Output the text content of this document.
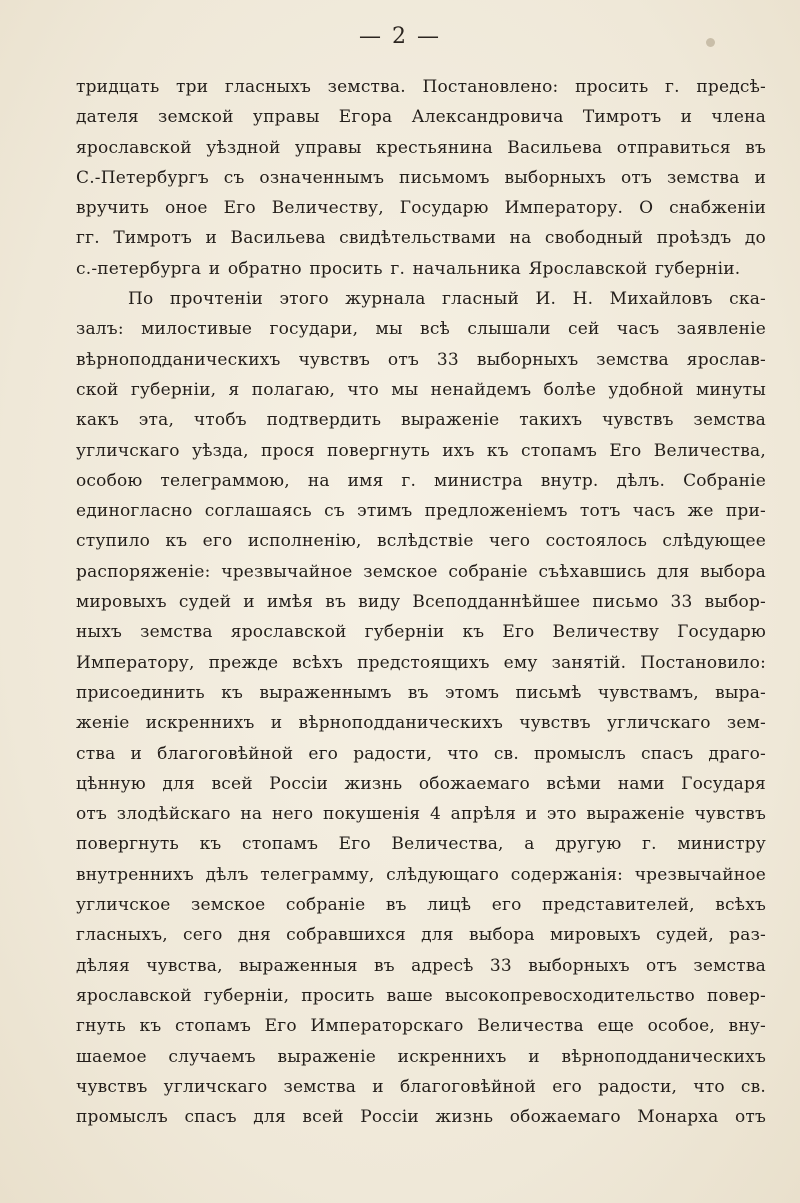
— 2 —
тридцать три гласныхъ земства. Постановлено: просить г. предсѣ-
дателя земской управы Егора Александровича Тимротъ и члена
ярославской уѣздной управы крестьянина Васильева отправиться въ
С.-Петербургъ съ означеннымъ письмомъ выборныхъ отъ земства и
вручить оное Его Величеству, Государю Императору. О снабженіи
гг. Тимротъ и Васильева свидѣтельствами на свободный проѣздъ до
с.-петербурга и обратно просить г. начальника Ярославской губерніи.
По прочтеніи этого журнала гласный И. Н. Михайловъ ска-
залъ: милостивые государи, мы всѣ слышали сей часъ заявленіе
вѣрноподданическихъ чувствъ отъ 33 выборныхъ земства ярослав-
ской губерніи, я полагаю, что мы ненайдемъ болѣе удобной минуты
какъ эта, чтобъ подтвердить выраженіе такихъ чувствъ земства
угличскаго уѣзда, прося повергнуть ихъ къ стопамъ Его Величества,
особою телеграммою, на имя г. министра внутр. дѣлъ. Собраніе
единогласно соглашаясь съ этимъ предложеніемъ тотъ часъ же при-
ступило къ его исполненію, вслѣдствіе чего состоялось слѣдующее
распоряженіе: чрезвычайное земское собраніе съѣхавшись для выбора
мировыхъ судей и имѣя въ виду Всеподданнѣйшее письмо 33 выбор-
ныхъ земства ярославской губерніи къ Его Величеству Государю
Императору, прежде всѣхъ предстоящихъ ему занятій. Постановило:
присоединить къ выраженнымъ въ этомъ письмѣ чувствамъ, выра-
женіе искреннихъ и вѣрноподданическихъ чувствъ угличскаго зем-
ства и благоговѣйной его радости, что св. промыслъ спасъ драго-
цѣнную для всей Россіи жизнь обожаемаго всѣми нами Государя
отъ злодѣйскаго на него покушенія 4 апрѣля и это выраженіе чувствъ
повергнуть къ стопамъ Его Величества, а другую г. министру
внутреннихъ дѣлъ телеграмму, слѣдующаго содержанія: чрезвычайное
угличское земское собраніе въ лицѣ его представителей, всѣхъ
гласныхъ, сего дня собравшихся для выбора мировыхъ судей, раз-
дѣляя чувства, выраженныя въ адресѣ 33 выборныхъ отъ земства
ярославской губерніи, просить ваше высокопревосходительство повер-
гнуть къ стопамъ Его Императорскаго Величества еще особое, вну-
шаемое случаемъ выраженіе искреннихъ и вѣрноподданическихъ
чувствъ угличскаго земства и благоговѣйной его радости, что св.
промыслъ спасъ для всей Россіи жизнь обожаемаго Монарха отъ
